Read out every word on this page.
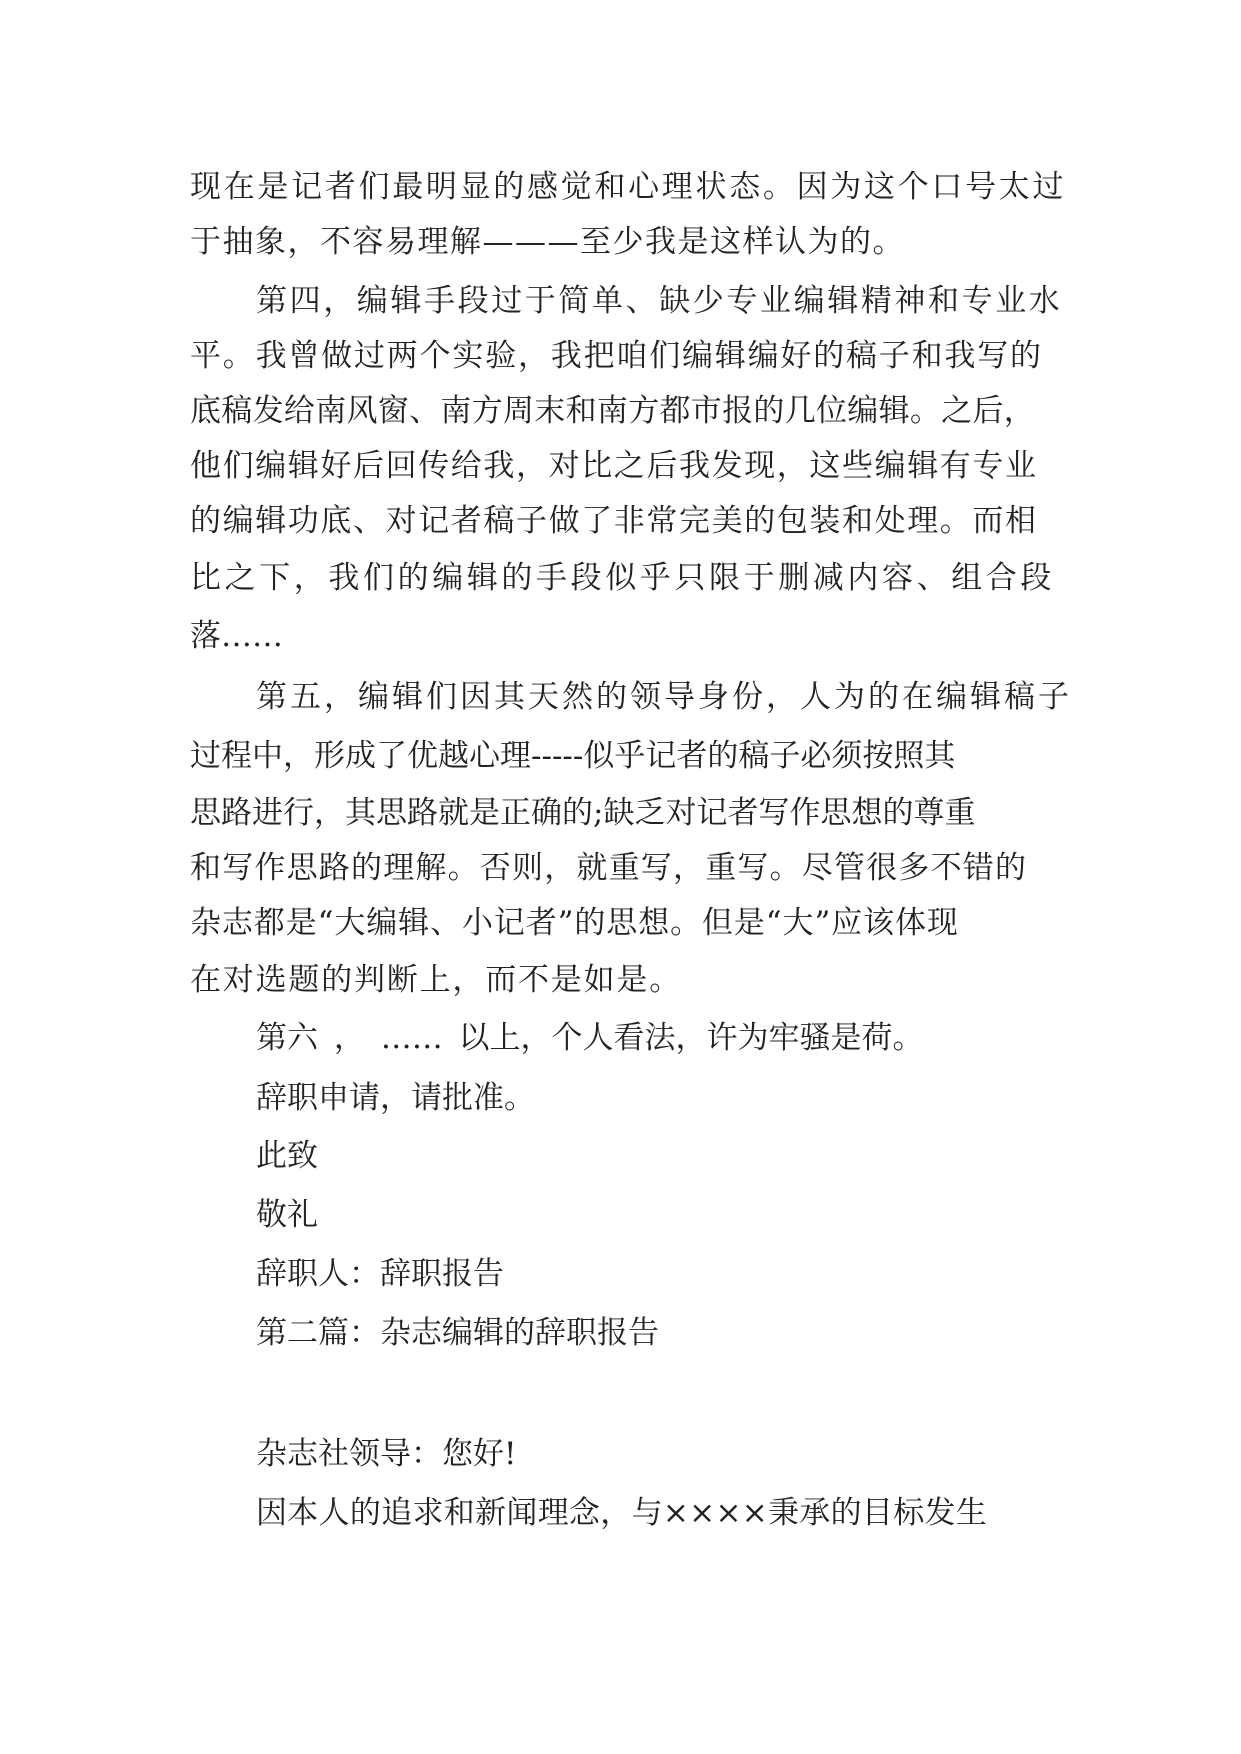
现在是记者们最明显的感觉和心理状态。因为这个口号太过

于抽象，不容易理解———至少我是这样认为的。

第四，编辑手段过于简单、缺少专业编辑精神和专业水

平。我曾做过两个实验，我把咱们编辑编好的稿子和我写的

底稿发给南风窗、南方周末和南方都市报的几位编辑。之后，

他们编辑好后回传给我，对比之后我发现，这些编辑有专业

的编辑功底、对记者稿子做了非常完美的包装和处理。而相

比之下，我们的编辑的手段似乎只限于删减内容、组合段

落……

第五，编辑们因其天然的领导身份，人为的在编辑稿子

过程中，形成了优越心理-----似乎记者的稿子必须按照其

思路进行，其思路就是正确的;缺乏对记者写作思想的尊重

和写作思路的理解。否则，就重写，重写。尽管很多不错的

杂志都是“大编辑、小记者”的思想。但是“大”应该体现

在对选题的判断上，而不是如是。

第六 ， …… 以上，个人看法，许为牢骚是荷。

辞职申请，请批准。

此致

敬礼

辞职人：辞职报告

第二篇：杂志编辑的辞职报告

杂志社领导：您好!

因本人的追求和新闻理念，与××××秉承的目标发生
